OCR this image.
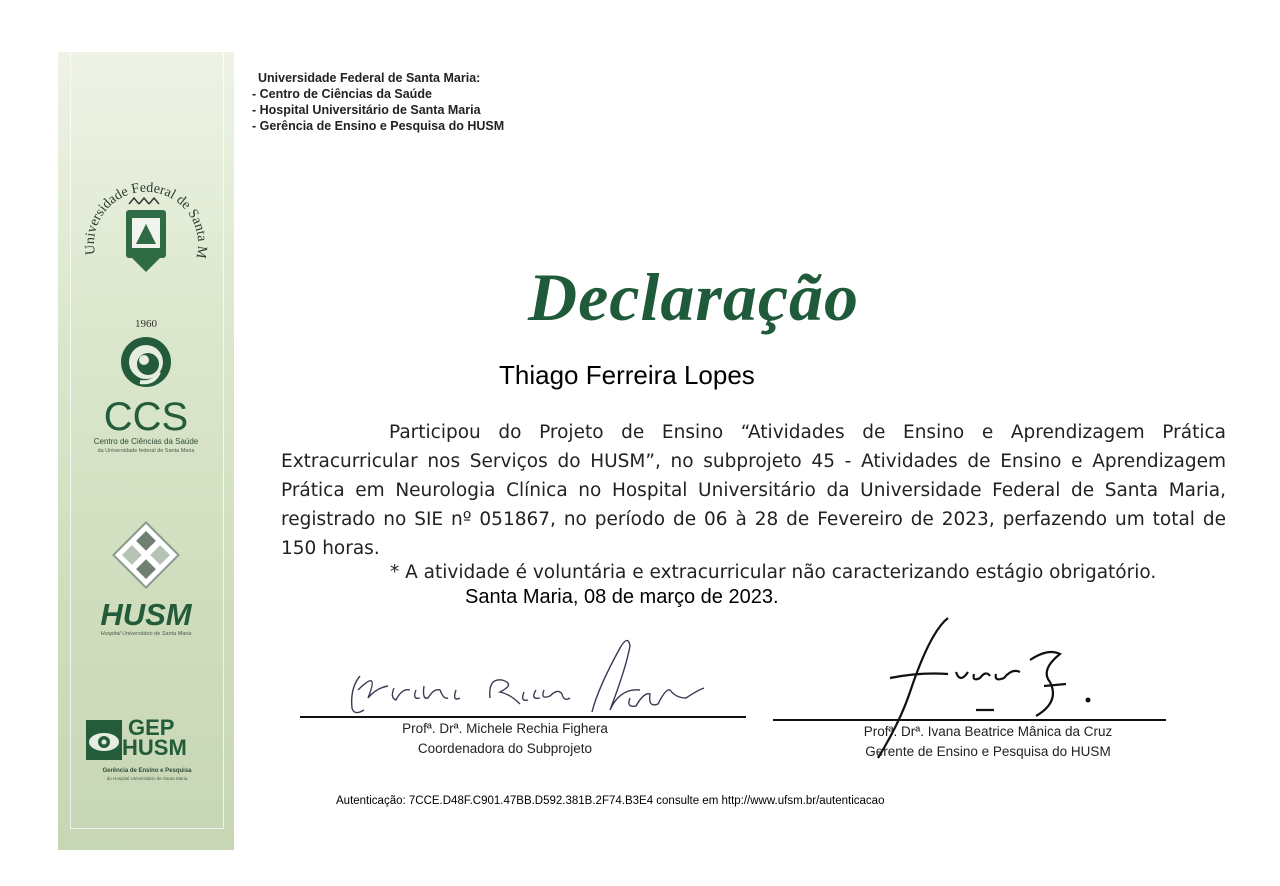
Universidade Federal de Santa M
1960
CCS
Centro de Ciências da Saúde
da Universidade federal de Santa Maria
HUSM
Hospital Universitário de Santa Maria
GEP
HUSM
Gerência de Ensino e Pesquisa
do Hospital Universitário de Santa Maria
Universidade Federal de Santa Maria:
- Centro de Ciências da Saúde
- Hospital Universitário de Santa Maria
- Gerência de Ensino e Pesquisa do HUSM
Declaração
Thiago Ferreira Lopes
Participou do Projeto de Ensino “Atividades de Ensino e Aprendizagem Prática Extracurricular nos Serviços do HUSM”, no subprojeto 45 - Atividades de Ensino e Aprendizagem Prática em Neurologia Clínica no Hospital Universitário da Universidade Federal de Santa Maria, registrado no SIE nº 051867, no período de 06 à 28 de Fevereiro de 2023, perfazendo um total de 150 horas.
* A atividade é voluntária e extracurricular não caracterizando estágio obrigatório.
Santa Maria, 08 de março de 2023.
Profª. Drª. Michele Rechia Fighera
Coordenadora do Subprojeto
Profª. Drª. Ivana Beatrice Mânica da Cruz
Gerente de Ensino e Pesquisa do HUSM
Autenticação: 7CCE.D48F.C901.47BB.D592.381B.2F74.B3E4 consulte em http://www.ufsm.br/autenticacao
